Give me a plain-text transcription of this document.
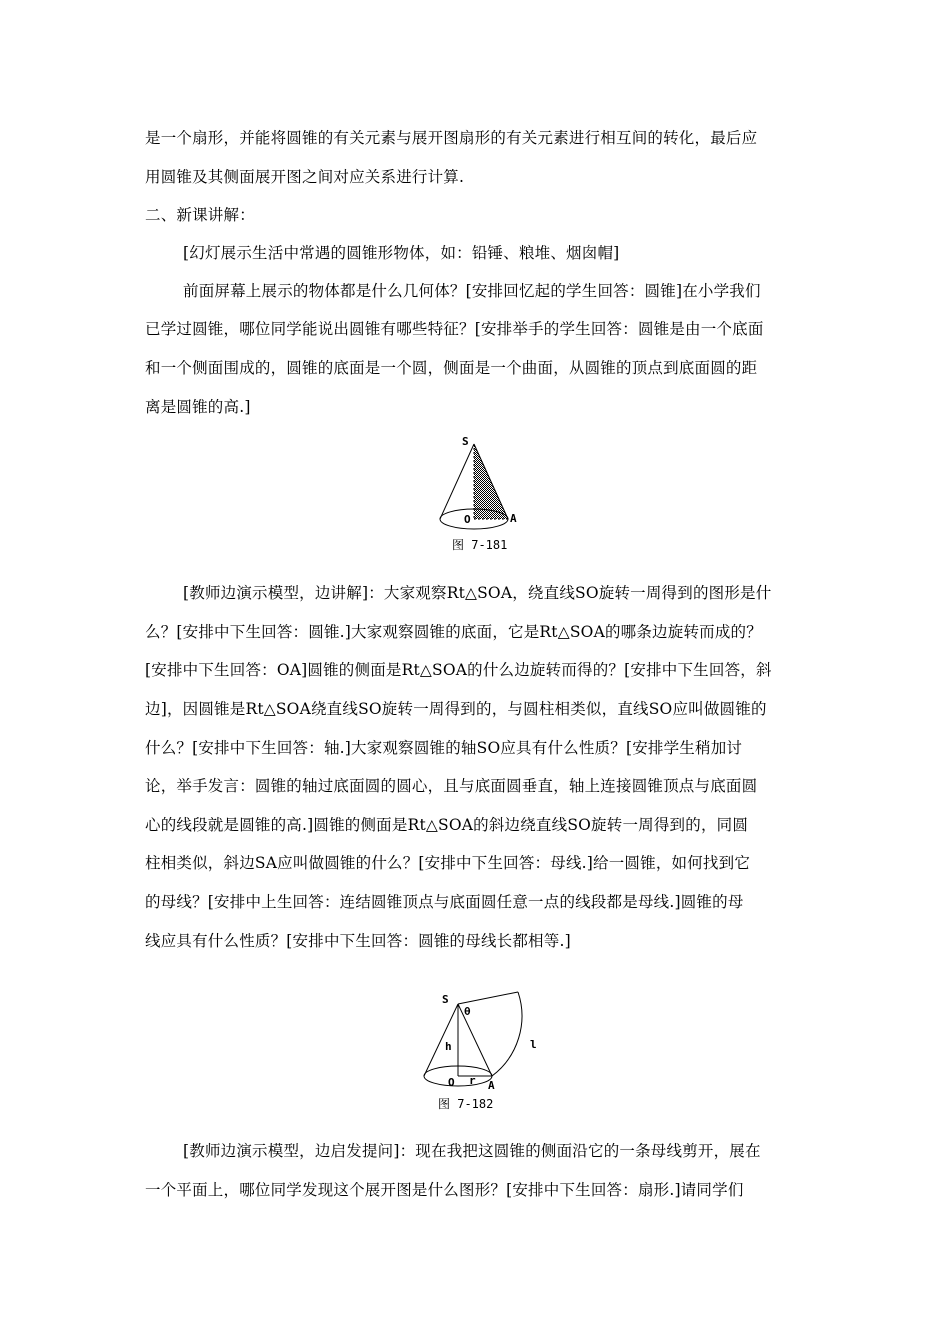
是一个扇形，并能将圆锥的有关元素与展开图扇形的有关元素进行相互间的转化，最后应
用圆锥及其侧面展开图之间对应关系进行计算.
二、新课讲解：
[幻灯展示生活中常遇的圆锥形物体，如：铅锤、粮堆、烟囱帽]
前面屏幕上展示的物体都是什么几何体？[安排回忆起的学生回答：圆锥]在小学我们
已学过圆锥，哪位同学能说出圆锥有哪些特征？[安排举手的学生回答：圆锥是由一个底面
和一个侧面围成的，圆锥的底面是一个圆，侧面是一个曲面，从圆锥的顶点到底面圆的距
离是圆锥的高.]
S
O	A
图 7-181
[教师边演示模型，边讲解]：大家观察Rt△SOA，绕直线SO旋转一周得到的图形是什
么？[安排中下生回答：圆锥.]大家观察圆锥的底面，它是Rt△SOA的哪条边旋转而成的？
[安排中下生回答：OA]圆锥的侧面是Rt△SOA的什么边旋转而得的？[安排中下生回答，斜
边]，因圆锥是Rt△SOA绕直线SO旋转一周得到的，与圆柱相类似，直线SO应叫做圆锥的
什么？[安排中下生回答：轴.]大家观察圆锥的轴SO应具有什么性质？[安排学生稍加讨
论，举手发言：圆锥的轴过底面圆的圆心，且与底面圆垂直，轴上连接圆锥顶点与底面圆
心的线段就是圆锥的高.]圆锥的侧面是Rt△SOA的斜边绕直线SO旋转一周得到的，同圆
柱相类似，斜边SA应叫做圆锥的什么？[安排中下生回答：母线.]给一圆锥，如何找到它
的母线？[安排中上生回答：连结圆锥顶点与底面圆任意一点的线段都是母线.]圆锥的母
线应具有什么性质？[安排中下生回答：圆锥的母线长都相等.]
S
θ
h	l
O r A
图 7-182
[教师边演示模型，边启发提问]：现在我把这圆锥的侧面沿它的一条母线剪开，展在
一个平面上，哪位同学发现这个展开图是什么图形？[安排中下生回答：扇形.]请同学们
